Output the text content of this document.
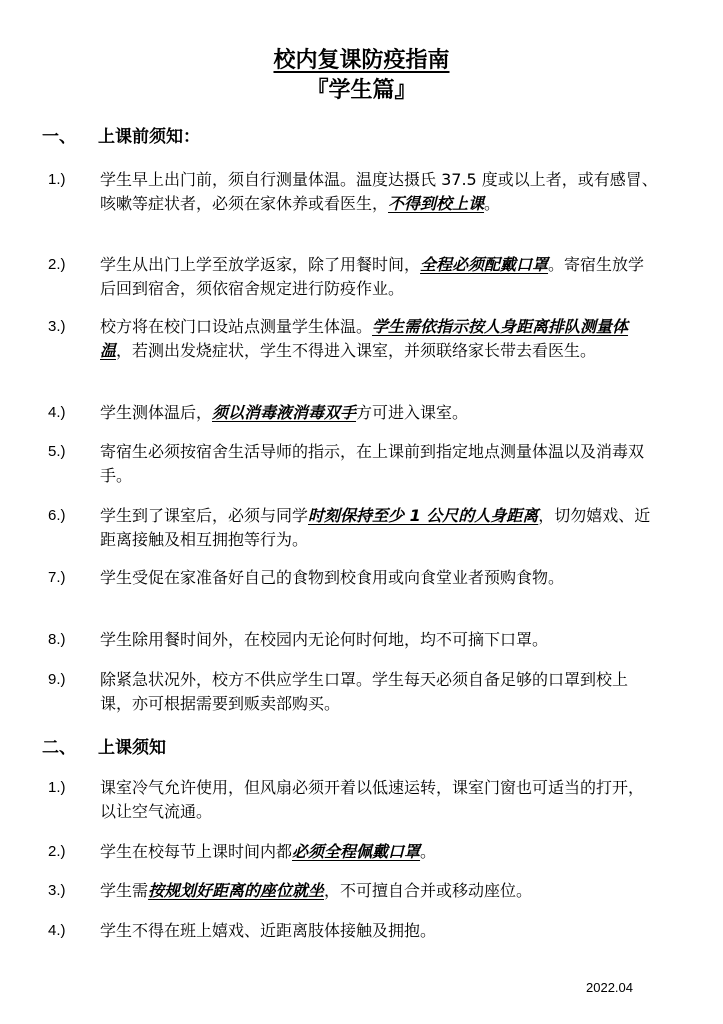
校内复课防疫指南
『学生篇』
一、 上课前须知：
1.)	学生早上出门前，须自行测量体温。温度达摄氏 37.5 度或以上者，或有感冒、咳嗽等症状者，必须在家休养或看医生，不得到校上课。
2.)	学生从出门上学至放学返家，除了用餐时间，全程必须配戴口罩。寄宿生放学后回到宿舍，须依宿舍规定进行防疫作业。
3.)	校方将在校门口设站点测量学生体温。学生需依指示按人身距离排队测量体温，若测出发烧症状，学生不得进入课室，并须联络家长带去看医生。
4.)	学生测体温后，须以消毒液消毒双手方可进入课室。
5.)	寄宿生必须按宿舍生活导师的指示，在上课前到指定地点测量体温以及消毒双手。
6.)	学生到了课室后，必须与同学时刻保持至少 1 公尺的人身距离，切勿嬉戏、近距离接触及相互拥抱等行为。
7.)	学生受促在家准备好自己的食物到校食用或向食堂业者预购食物。
8.)	学生除用餐时间外，在校园内无论何时何地，均不可摘下口罩。
9.)	除紧急状况外，校方不供应学生口罩。学生每天必须自备足够的口罩到校上课，亦可根据需要到贩卖部购买。
二、 上课须知
1.)	课室冷气允许使用，但风扇必须开着以低速运转，课室门窗也可适当的打开，以让空气流通。
2.)	学生在校每节上课时间内都必须全程佩戴口罩。
3.)	学生需按规划好距离的座位就坐，不可擅自合并或移动座位。
4.)	学生不得在班上嬉戏、近距离肢体接触及拥抱。
2022.04
